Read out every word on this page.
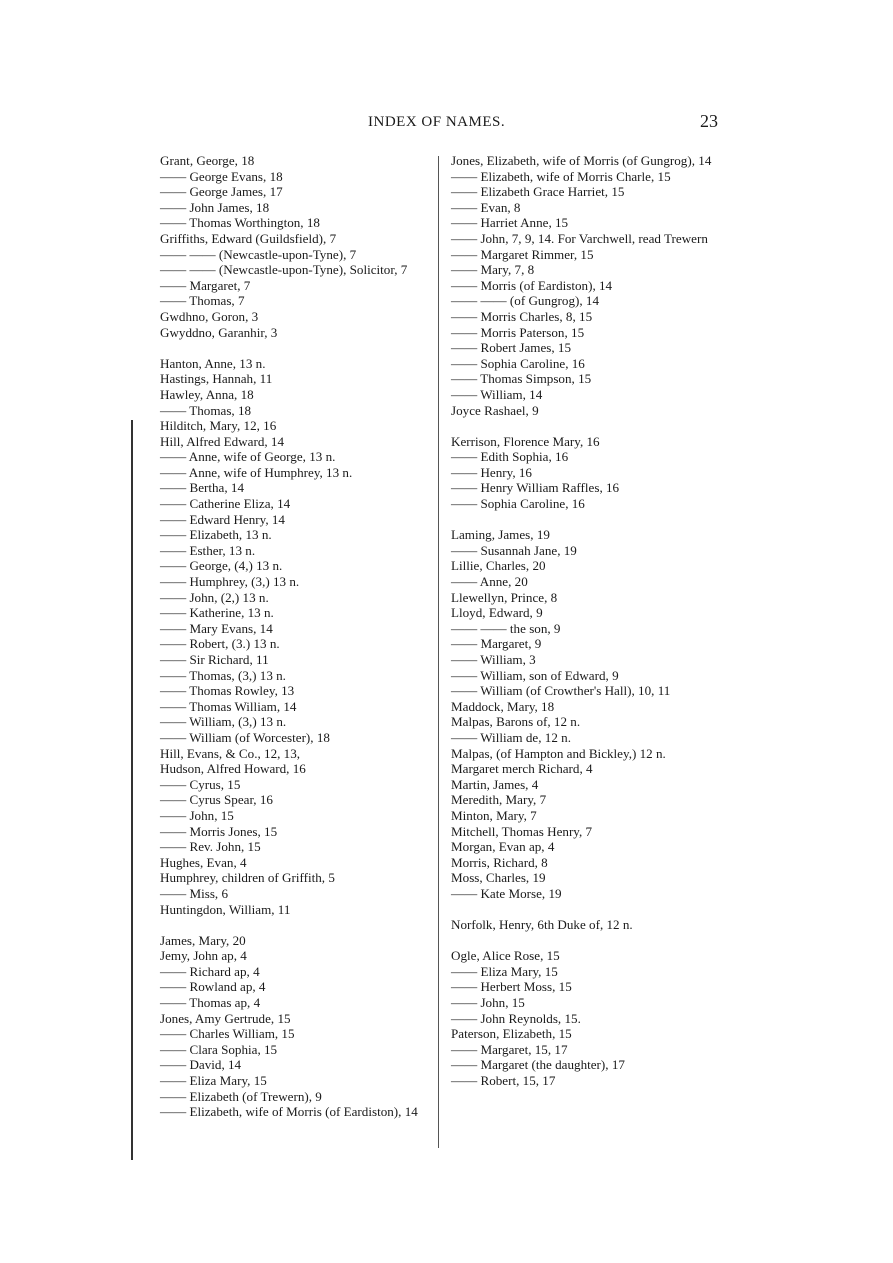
INDEX OF NAMES.	23
Grant, George, 18
—— George Evans, 18
—— George James, 17
—— John James, 18
—— Thomas Worthington, 18
Griffiths, Edward (Guildsfield), 7
—— —— (Newcastle-upon-Tyne), 7
—— —— (Newcastle-upon-Tyne), Solicitor, 7
—— Margaret, 7
—— Thomas, 7
Gwdhno, Goron, 3
Gwyddno, Garanhir, 3
Hanton, Anne, 13 n.
Hastings, Hannah, 11
Hawley, Anna, 18
—— Thomas, 18
Hilditch, Mary, 12, 16
Hill, Alfred Edward, 14
—— Anne, wife of George, 13 n.
—— Anne, wife of Humphrey, 13 n.
—— Bertha, 14
—— Catherine Eliza, 14
—— Edward Henry, 14
—— Elizabeth, 13 n.
—— Esther, 13 n.
—— George, (4,) 13 n.
—— Humphrey, (3,) 13 n.
—— John, (2,) 13 n.
—— Katherine, 13 n.
—— Mary Evans, 14
—— Robert, (3.) 13 n.
—— Sir Richard, 11
—— Thomas, (3,) 13 n.
—— Thomas Rowley, 13
—— Thomas William, 14
—— William, (3,) 13 n.
—— William (of Worcester), 18
Hill, Evans, & Co., 12, 13,
Hudson, Alfred Howard, 16
—— Cyrus, 15
—— Cyrus Spear, 16
—— John, 15
—— Morris Jones, 15
—— Rev. John, 15
Hughes, Evan, 4
Humphrey, children of Griffith, 5
—— Miss, 6
Huntingdon, William, 11
James, Mary, 20
Jemy, John ap, 4
—— Richard ap, 4
—— Rowland ap, 4
—— Thomas ap, 4
Jones, Amy Gertrude, 15
—— Charles William, 15
—— Clara Sophia, 15
—— David, 14
—— Eliza Mary, 15
—— Elizabeth (of Trewern), 9
—— Elizabeth, wife of Morris (of Eardiston), 14
Jones, Elizabeth, wife of Morris (of Gungrog), 14
—— Elizabeth, wife of Morris Charle, 15
—— Elizabeth Grace Harriet, 15
—— Evan, 8
—— Harriet Anne, 15
—— John, 7, 9, 14. For Varchwell, read Trewern
—— Margaret Rimmer, 15
—— Mary, 7, 8
—— Morris (of Eardiston), 14
—— —— (of Gungrog), 14
—— Morris Charles, 8, 15
—— Morris Paterson, 15
—— Robert James, 15
—— Sophia Caroline, 16
—— Thomas Simpson, 15
—— William, 14
Joyce Rashael, 9
Kerrison, Florence Mary, 16
—— Edith Sophia, 16
—— Henry, 16
—— Henry William Raffles, 16
—— Sophia Caroline, 16
Laming, James, 19
—— Susannah Jane, 19
Lillie, Charles, 20
—— Anne, 20
Llewellyn, Prince, 8
Lloyd, Edward, 9
—— —— the son, 9
—— Margaret, 9
—— William, 3
—— William, son of Edward, 9
—— William (of Crowther's Hall), 10, 11
Maddock, Mary, 18
Malpas, Barons of, 12 n.
—— William de, 12 n.
Malpas, (of Hampton and Bickley,) 12 n.
Margaret merch Richard, 4
Martin, James, 4
Meredith, Mary, 7
Minton, Mary, 7
Mitchell, Thomas Henry, 7
Morgan, Evan ap, 4
Morris, Richard, 8
Moss, Charles, 19
—— Kate Morse, 19
Norfolk, Henry, 6th Duke of, 12 n.
Ogle, Alice Rose, 15
—— Eliza Mary, 15
—— Herbert Moss, 15
—— John, 15
—— John Reynolds, 15.
Paterson, Elizabeth, 15
—— Margaret, 15, 17
—— Margaret (the daughter), 17
—— Robert, 15, 17
